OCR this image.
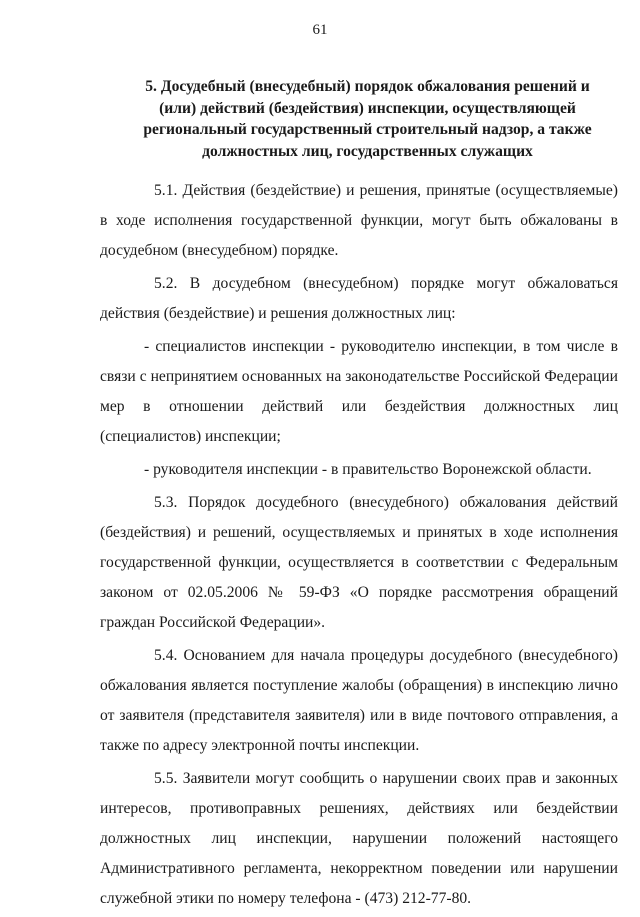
61
5. Досудебный (внесудебный) порядок обжалования решений и (или) действий (бездействия) инспекции, осуществляющей региональный государственный строительный надзор, а также должностных лиц, государственных служащих

5.1. Действия (бездействие) и решения, принятые (осуществляемые) в ходе исполнения государственной функции, могут быть обжалованы в досудебном (внесудебном) порядке.

5.2. В досудебном (внесудебном) порядке могут обжаловаться действия (бездействие) и решения должностных лиц:

- специалистов инспекции - руководителю инспекции, в том числе в связи с непринятием основанных на законодательстве Российской Федерации мер в отношении действий или бездействия должностных лиц (специалистов) инспекции;

- руководителя инспекции - в правительство Воронежской области.

5.3. Порядок досудебного (внесудебного) обжалования действий (бездействия) и решений, осуществляемых и принятых в ходе исполнения государственной функции, осуществляется в соответствии с Федеральным законом от 02.05.2006 № 59-ФЗ «О порядке рассмотрения обращений граждан Российской Федерации».

5.4. Основанием для начала процедуры досудебного (внесудебного) обжалования является поступление жалобы (обращения) в инспекцию лично от заявителя (представителя заявителя) или в виде почтового отправления, а также по адресу электронной почты инспекции.

5.5. Заявители могут сообщить о нарушении своих прав и законных интересов, противоправных решениях, действиях или бездействии должностных лиц инспекции, нарушении положений настоящего Административного регламента, некорректном поведении или нарушении служебной этики по номеру телефона - (473) 212-77-80.
